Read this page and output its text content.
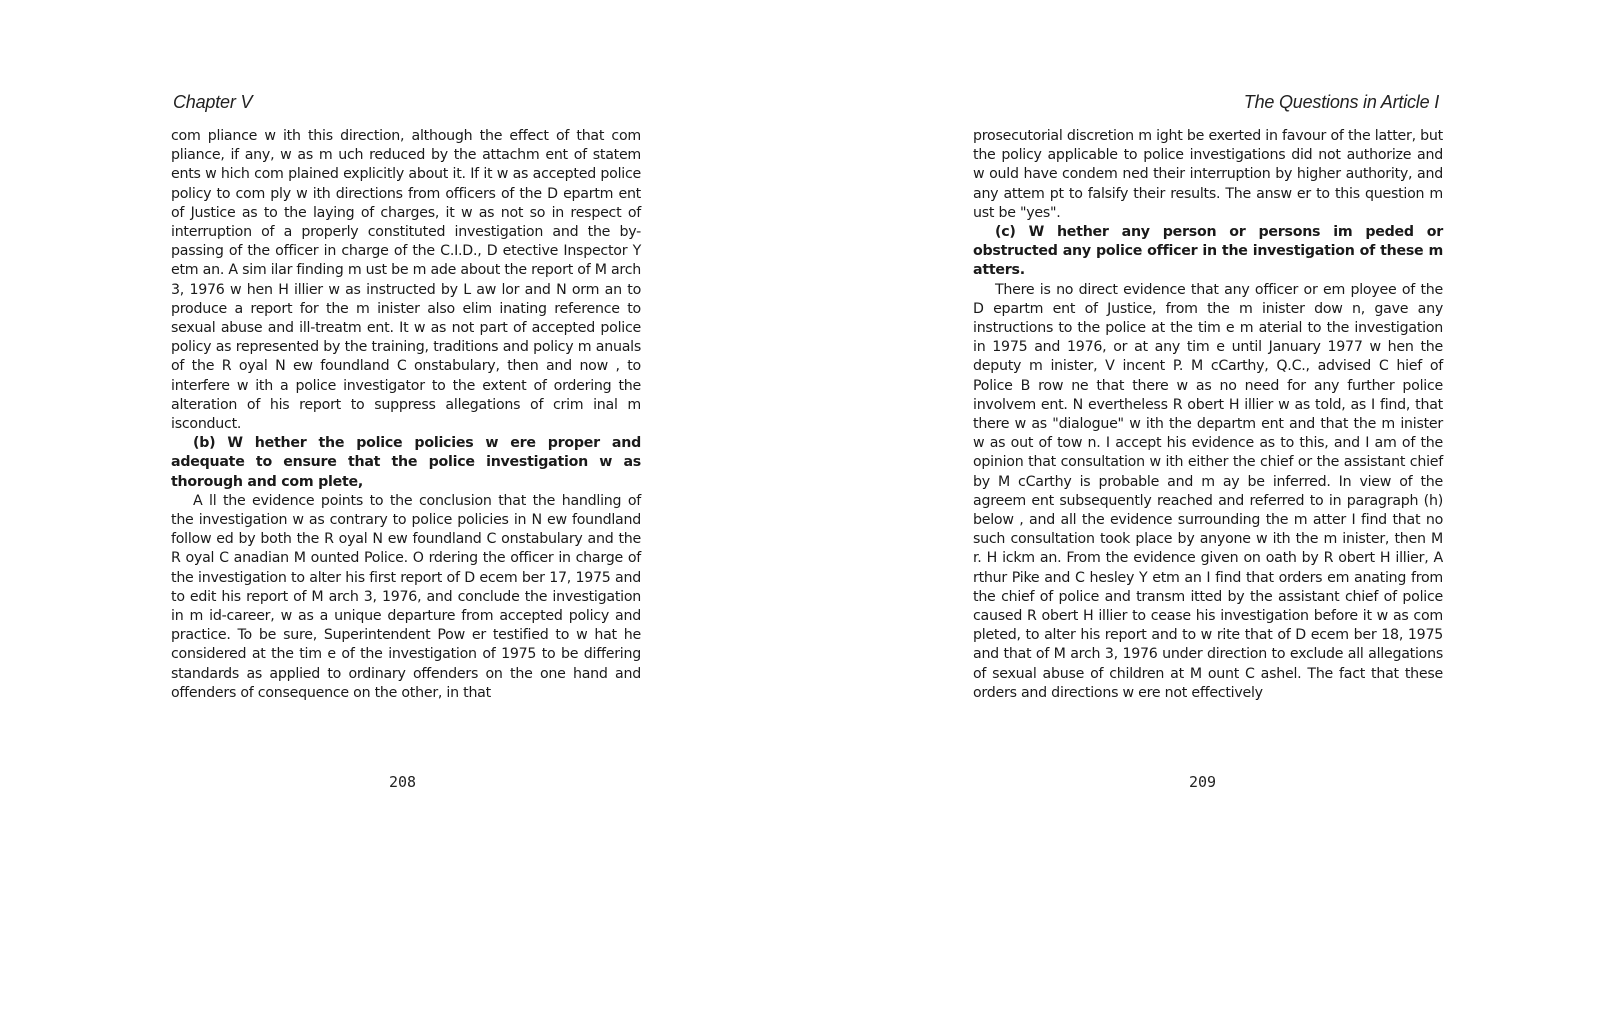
Chapter V

com pliance w ith this direction, although the effect of that com pliance, if any, w as m uch reduced by the attachm ent of statem ents w hich com plained explicitly about it. If it w as accepted police policy to com ply w ith directions from officers of the D epartm ent of Justice as to the laying of charges, it w as not so in respect of interruption of a properly constituted investigation and the by-passing of the officer in charge of the C.I.D., D etective Inspector Y etm an. A sim ilar finding m ust be m ade about the report of M arch 3, 1976 w hen H illier w as instructed by L aw lor and N orm an to produce a report for the m inister also elim inating reference to sexual abuse and ill-treatm ent. It w as not part of accepted police policy as represented by the training, traditions and policy m anuals of the R oyal N ew foundland C onstabulary, then and now , to interfere w ith a police investigator to the extent of ordering the alteration of his report to suppress allegations of crim inal m isconduct.

(b) W hether the police policies w ere proper and adequate to ensure that the police investigation w as thorough and com plete,

A ll the evidence points to the conclusion that the handling of the investigation w as contrary to police policies in N ew foundland follow ed by both the R oyal N ew foundland C onstabulary and the R oyal C anadian M ounted Police. O rdering the officer in charge of the investigation to alter his first report of D ecem ber 17, 1975 and to edit his report of M arch 3, 1976, and conclude the investigation in m id-career, w as a unique departure from accepted policy and practice. To be sure, Superintendent Pow er testified to w hat he considered at the tim e of the investigation of 1975 to be differing standards as applied to ordinary offenders on the one hand and offenders of consequence on the other, in that

208
The Questions in Article I

prosecutorial discretion m ight be exerted in favour of the latter, but the policy applicable to police investigations did not authorize and w ould have condem ned their interruption by higher authority, and any attem pt to falsify their results. The answ er to this question m ust be "yes".

(c) W hether any person or persons im peded or obstructed any police officer in the investigation of these m atters.

There is no direct evidence that any officer or em ployee of the D epartm ent of Justice, from the m inister dow n, gave any instructions to the police at the tim e m aterial to the investigation in 1975 and 1976, or at any tim e until January 1977 w hen the deputy m inister, V incent P. M cCarthy, Q.C., advised C hief of Police B row ne that there w as no need for any further police involvem ent. N evertheless R obert H illier w as told, as I find, that there w as "dialogue" w ith the departm ent and that the m inister w as out of tow n. I accept his evidence as to this, and I am of the opinion that consultation w ith either the chief or the assistant chief by M cCarthy is probable and m ay be inferred. In view of the agreem ent subsequently reached and referred to in paragraph (h) below , and all the evidence surrounding the m atter I find that no such consultation took place by anyone w ith the m inister, then M r. H ickm an. From the evidence given on oath by R obert H illier, A rthur Pike and C hesley Y etm an I find that orders em anating from the chief of police and transm itted by the assistant chief of police caused R obert H illier to cease his investigation before it w as com pleted, to alter his report and to w rite that of D ecem ber 18, 1975 and that of M arch 3, 1976 under direction to exclude all allegations of sexual abuse of children at M ount C ashel. The fact that these orders and directions w ere not effectively

209
